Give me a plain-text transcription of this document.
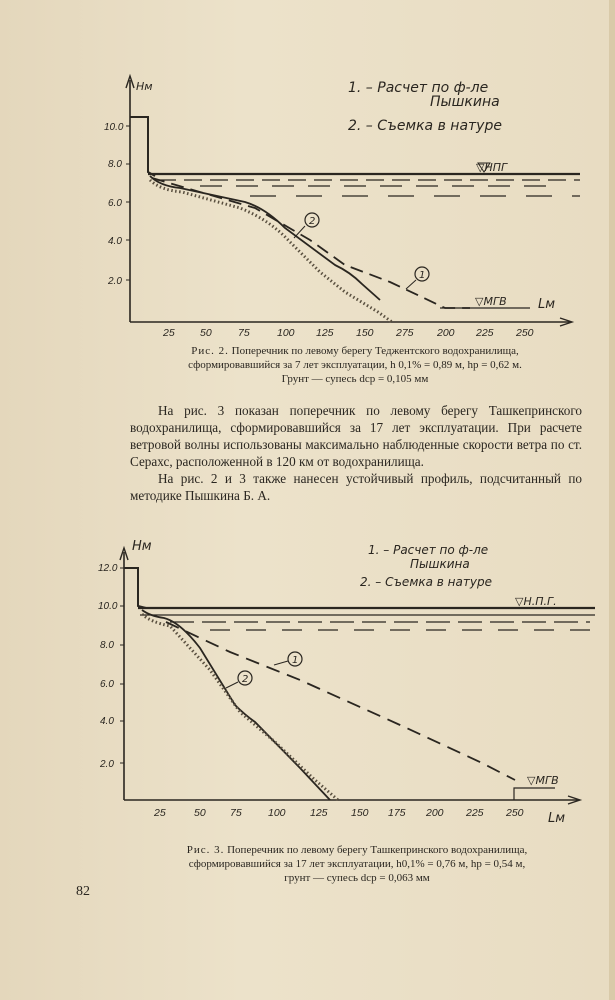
Нм
Lм
10.0
8.0
6.0
4.0
2.0
25 50	75	100 125 150 275 200 225 250
▽НПГ
▽МГВ
2
1
1. – Расчет по ф-ле
Пышкина
2. – Съемка в натуре
Рис. 2. Поперечник по левому берегу Теджентского водохранилища,
сформировавшийся за 7 лет эксплуатации, h 0,1% = 0,89 м, hp = 0,62 м.
Грунт — супесь dср = 0,105 мм

На рис. 3 показан поперечник по левому берегу Ташкепринского водохранилища, сформировавшийся за 17 лет эксплуатации. При расчете ветровой волны использованы максимально наблюденные скорости ветра по ст. Серахс, расположенной в 120 км от водохранилища.

На рис. 2 и 3 также нанесен устойчивый профиль, подсчитанный по методике Пышкина Б. А.

Нм
Lм
12.0
10.0
8.0
6.0
4.0
2.0
25	50 75	100 125 150 175 200 225 250
▽Н.П.Г.
▽МГВ
1
2
1. – Расчет по ф-ле
Пышкина
2. – Съемка в натуре
Рис. 3. Поперечник по левому берегу Ташкепринского водохранилища,
сформировавшийся за 17 лет эксплуатации, h0,1% = 0,76 м, hp = 0,54 м,
грунт — супесь dср = 0,063 мм
82
